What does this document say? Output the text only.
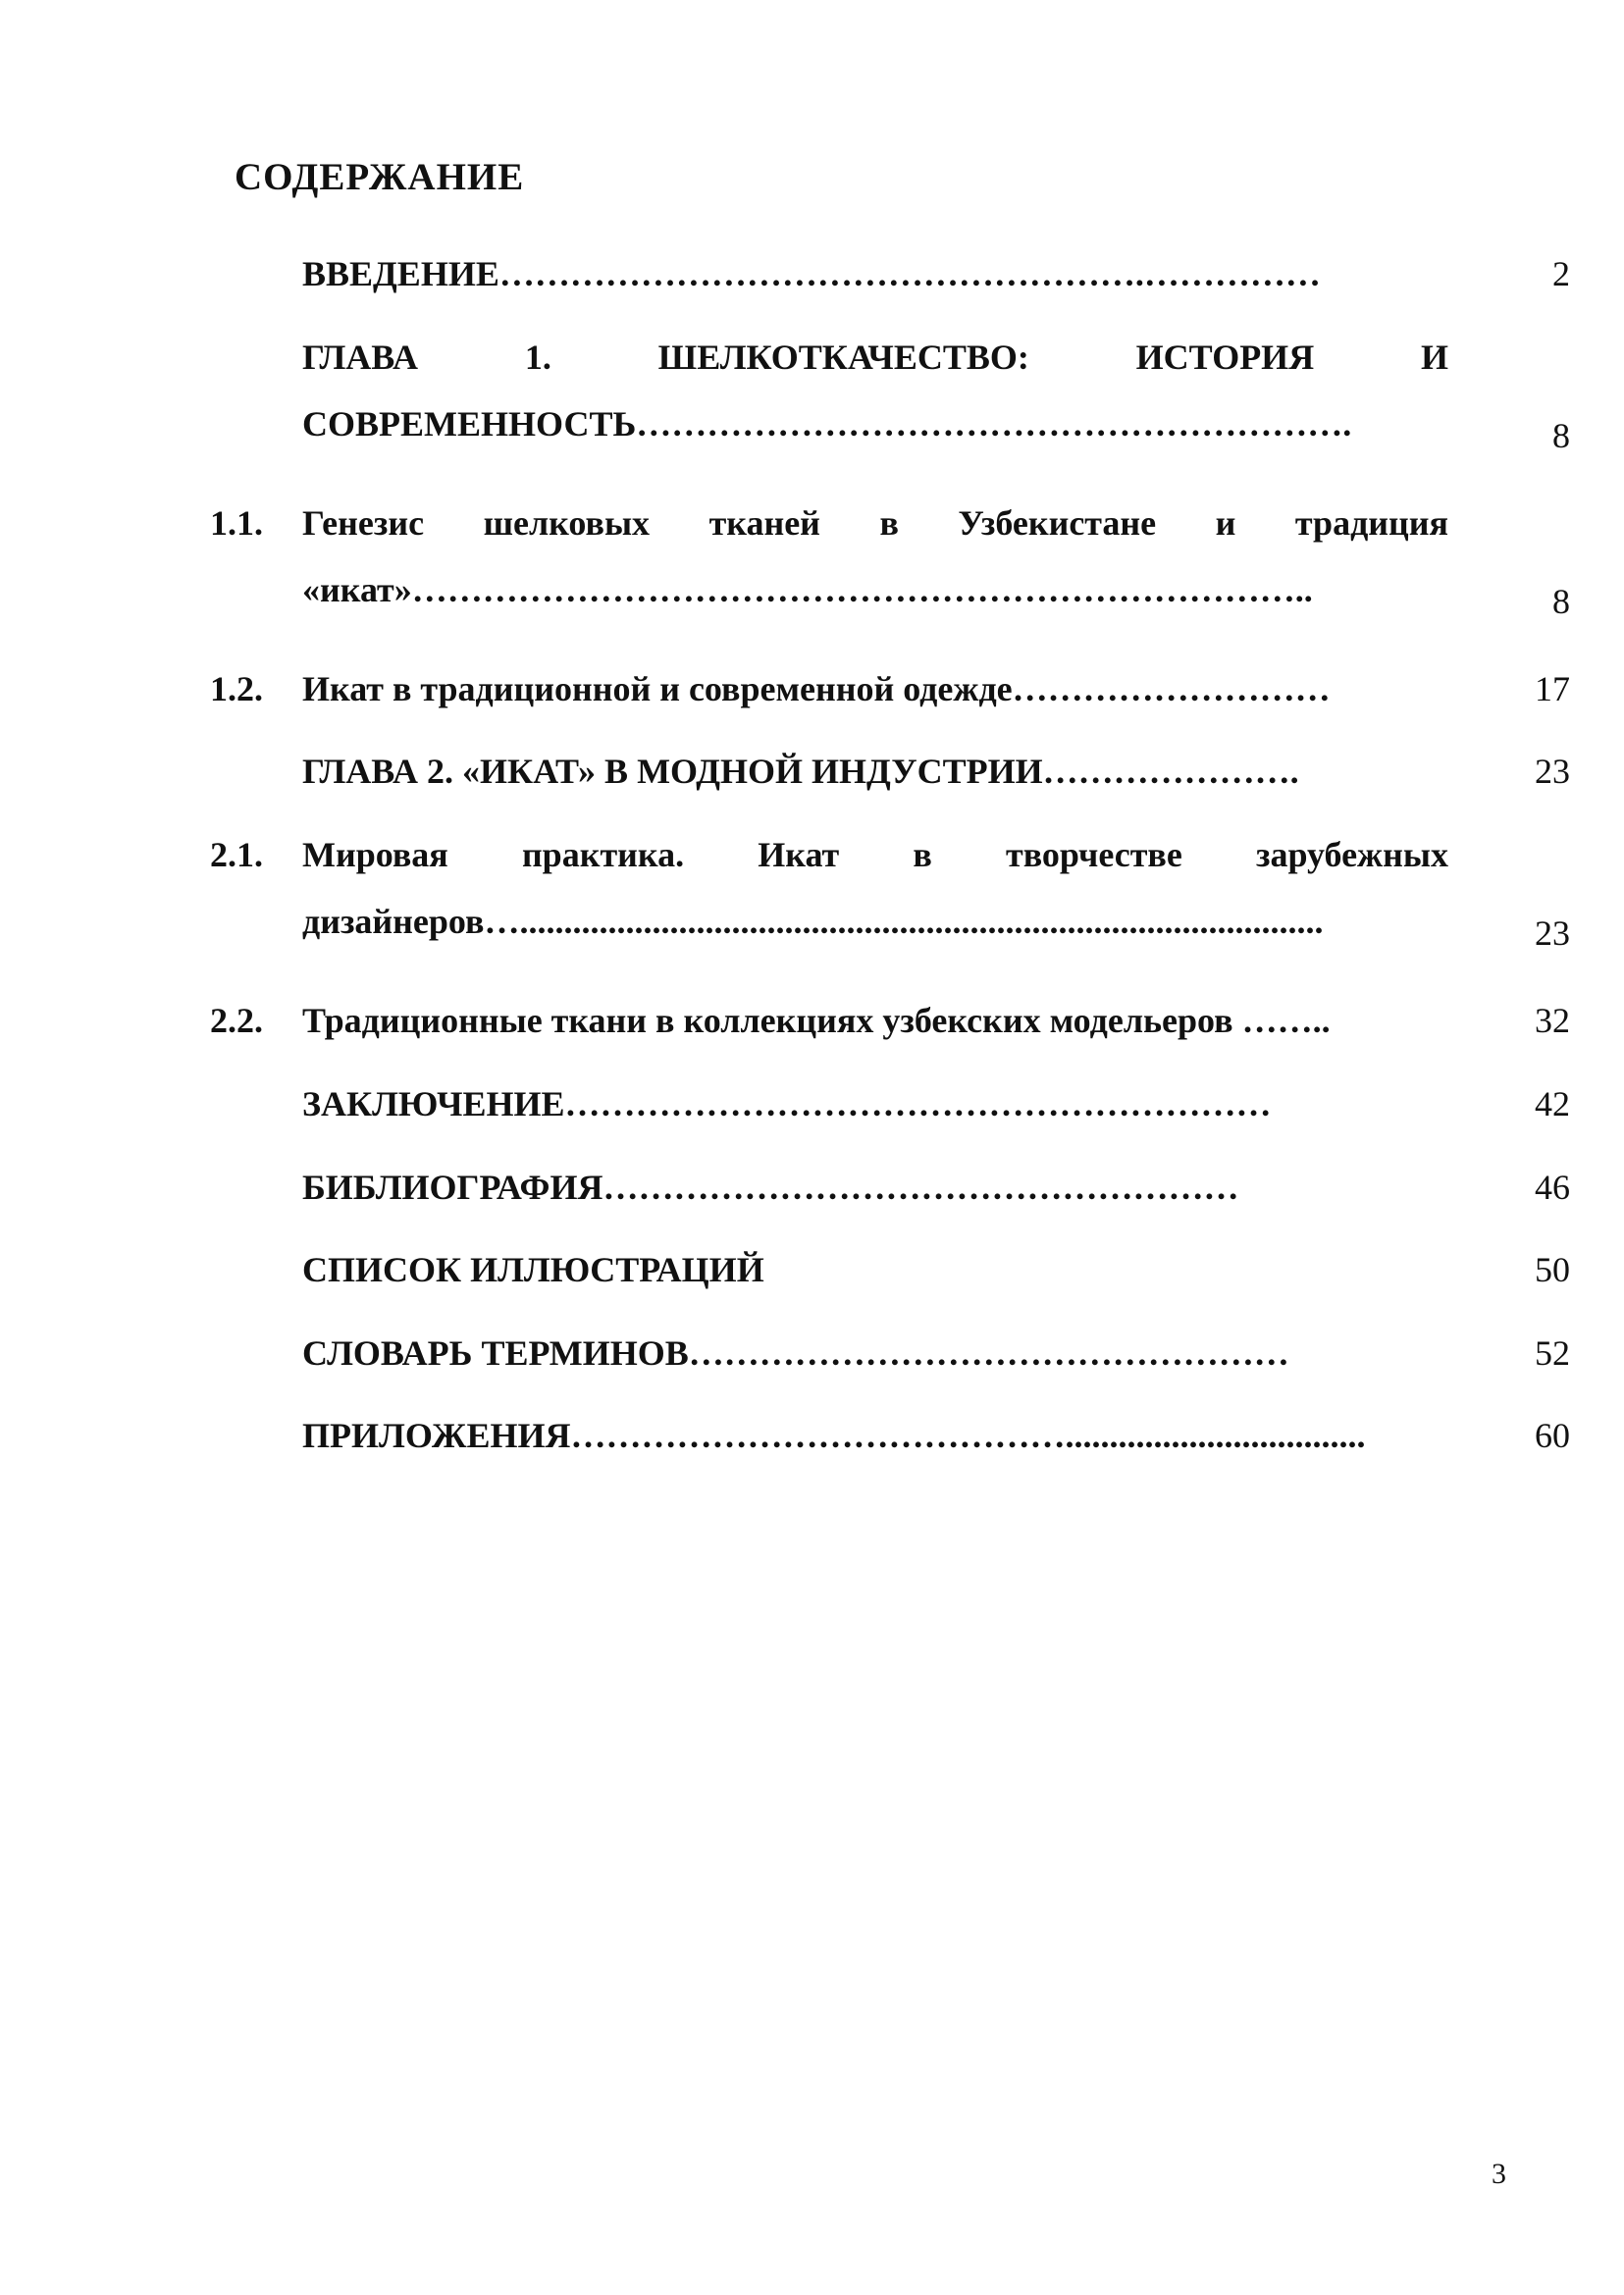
СОДЕРЖАНИЕ
ВВЕДЕНИЕ……………………………………………….……………	2
ГЛАВА 1. ШЕЛКОТКАЧЕСТВО: ИСТОРИЯ И СОВРЕМЕННОСТЬ…………………………………………………….	8
1.1. Генезис шелковых тканей в Узбекистане и традиция «икат»…………………………………………………………………..	8
1.2. Икат в традиционной и современной одежде………………………	17
ГЛАВА 2. «ИКАТ» В МОДНОЙ ИНДУСТРИИ………………….	23
2.1. Мировая практика. Икат в творчестве зарубежных дизайнеров…...........................................................................................	23
2.2. Традиционные ткани в коллекциях узбекских модельеров ……..	32
ЗАКЛЮЧЕНИЕ……………………………………………………	42
БИБЛИОГРАФИЯ………………………………………………	46
СПИСОК ИЛЛЮСТРАЦИЙ	50
СЛОВАРЬ ТЕРМИНОВ……………………………………………	52
ПРИЛОЖЕНИЯ……………………………………..................................	60
3
